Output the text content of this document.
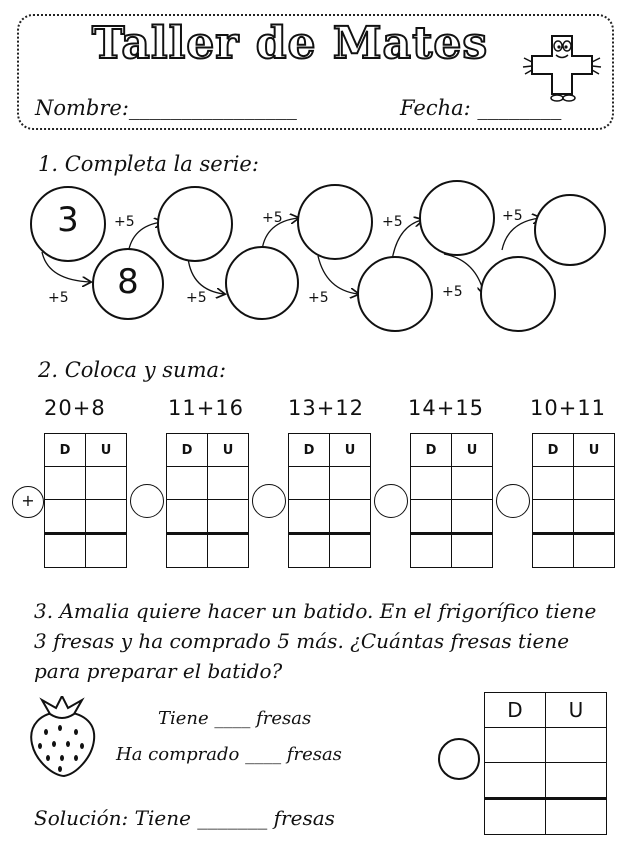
Taller de Mates
Nombre:________________	Fecha: ________
1. Completa la serie:
3
8
+5
+5	+5
+5
+5
+5
+5
+5
2. Coloca y suma:
20+8	11+16 13+12 14+15 10+11
D	U

		D	U

		D	U

		D	U

		D	U

+
3. Amalia quiere hacer un batido. En el frigorífico tiene 3 fresas y ha comprado 5 más. ¿Cuántas fresas tiene para preparar el batido?
Tiene ____ fresas
Ha comprado ____ fresas
Solución: Tiene _______ fresas
D	U
